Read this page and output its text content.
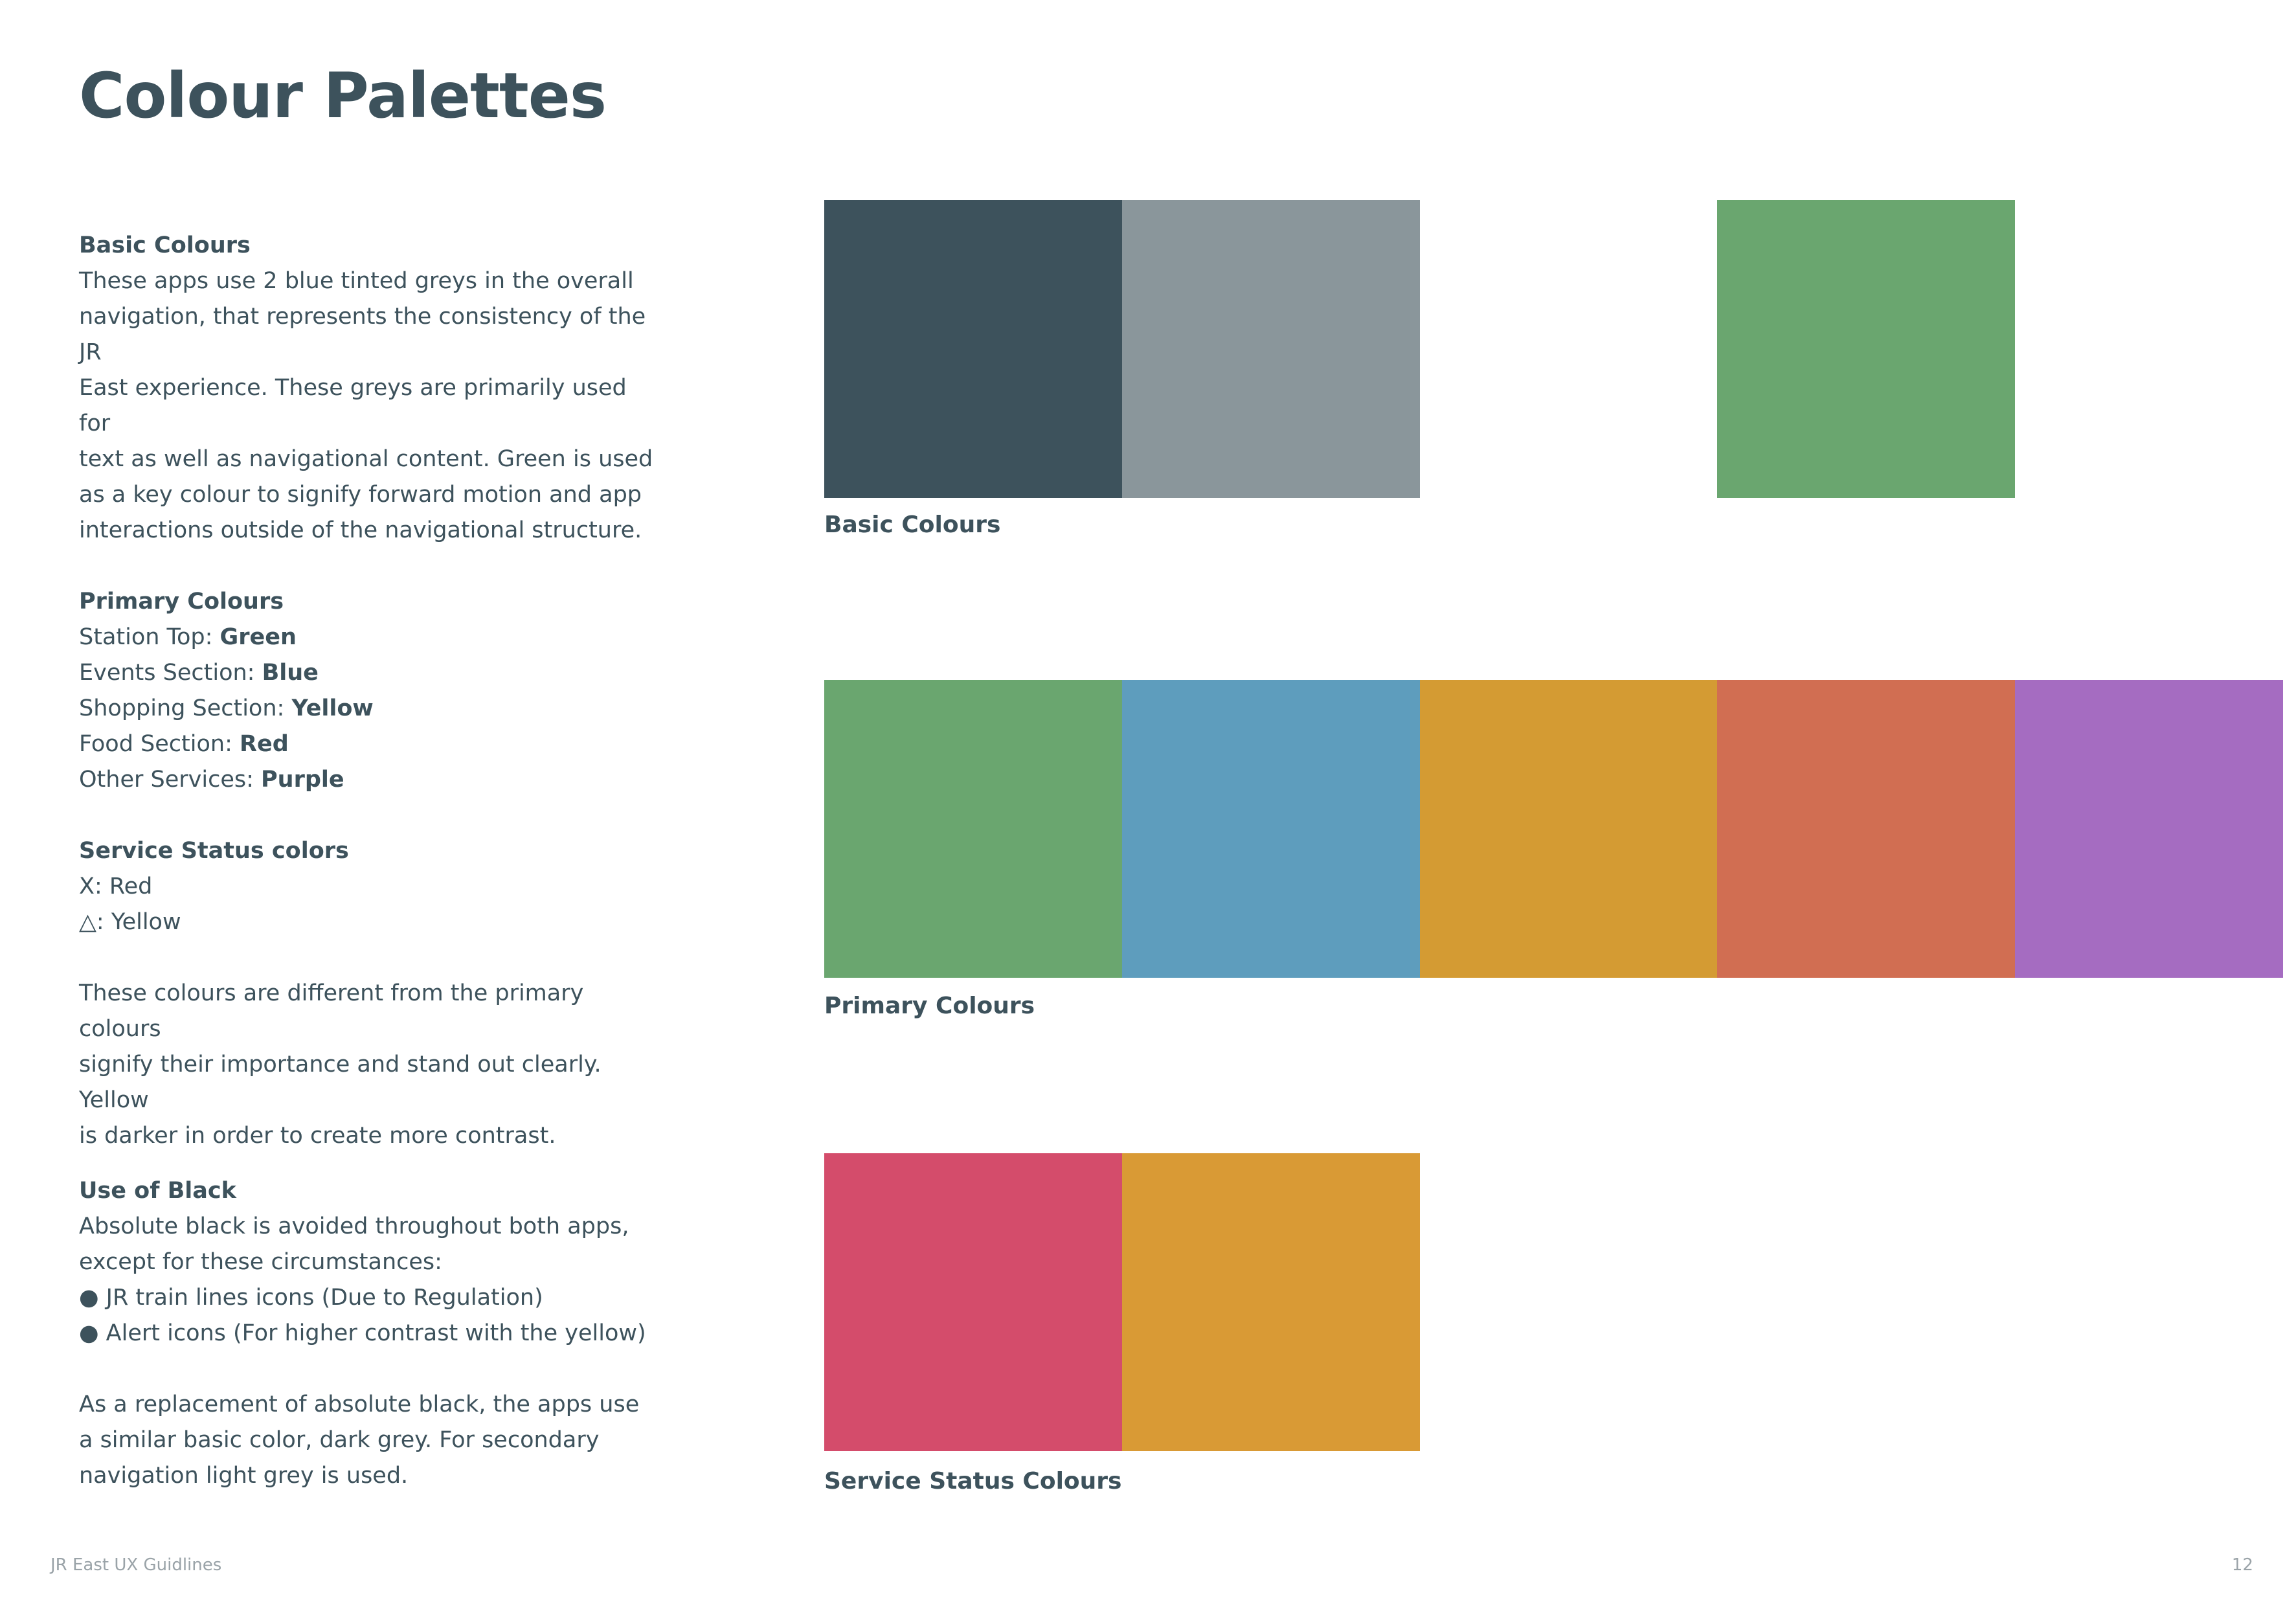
Colour Palettes

Basic Colours

These apps use 2 blue tinted greys in the overall

navigation, that represents the consistency of the JR

East experience. These greys are primarily used for

text as well as navigational content. Green is used

as a key colour to signify forward motion and app

interactions outside of the navigational structure.

Primary Colours

Station Top: Green

Events Section: Blue

Shopping Section: Yellow

Food Section: Red

Other Services: Purple

Service Status colors

X: Red

△: Yellow

These colours are different from the primary colours

signify their importance and stand out clearly. Yellow

is darker in order to create more contrast.

Use of Black

Absolute black is avoided throughout both apps,

except for these circumstances:

● JR train lines icons (Due to Regulation)

● Alert icons (For higher contrast with the yellow)

As a replacement of absolute black, the apps use

a similar basic color, dark grey. For secondary

navigation light grey is used.

Basic Colours
Primary Colours
Service Status Colours
JR East UX Guidlines	12
